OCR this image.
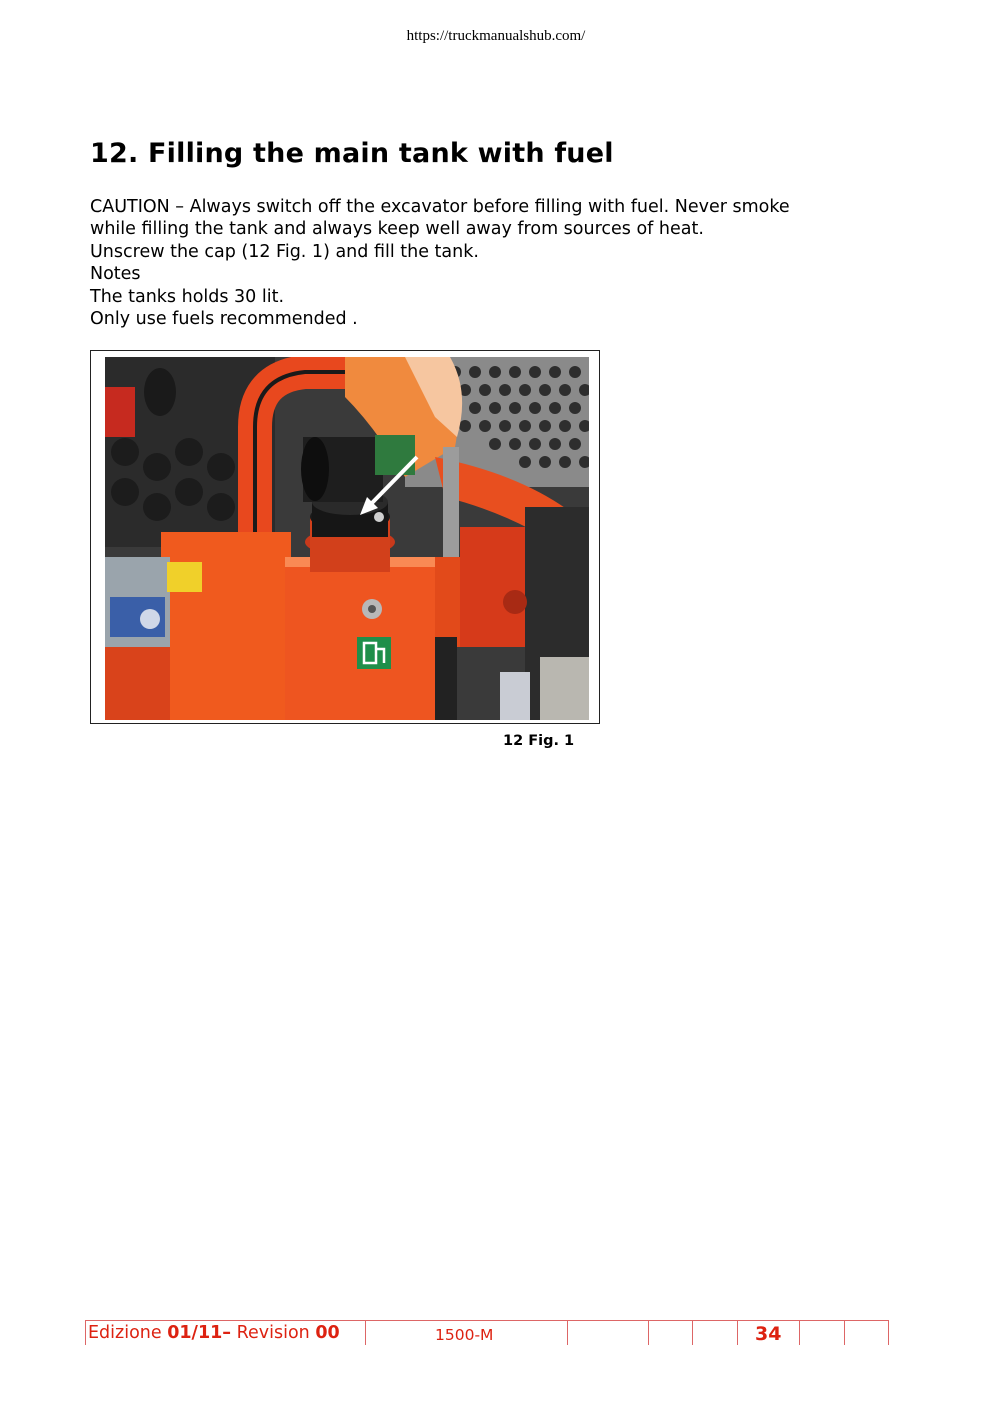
https://truckmanualshub.com/
12. Filling the main tank with fuel
CAUTION – Always switch off the excavator before filling with fuel. Never smoke
while filling the tank and always keep well away from sources of heat.
Unscrew the cap (12 Fig. 1) and fill the tank.
Notes
The tanks holds 30 lit.
Only use fuels recommended .
12 Fig. 1
Edizione 01/11– Revision 00	1500-M	34
